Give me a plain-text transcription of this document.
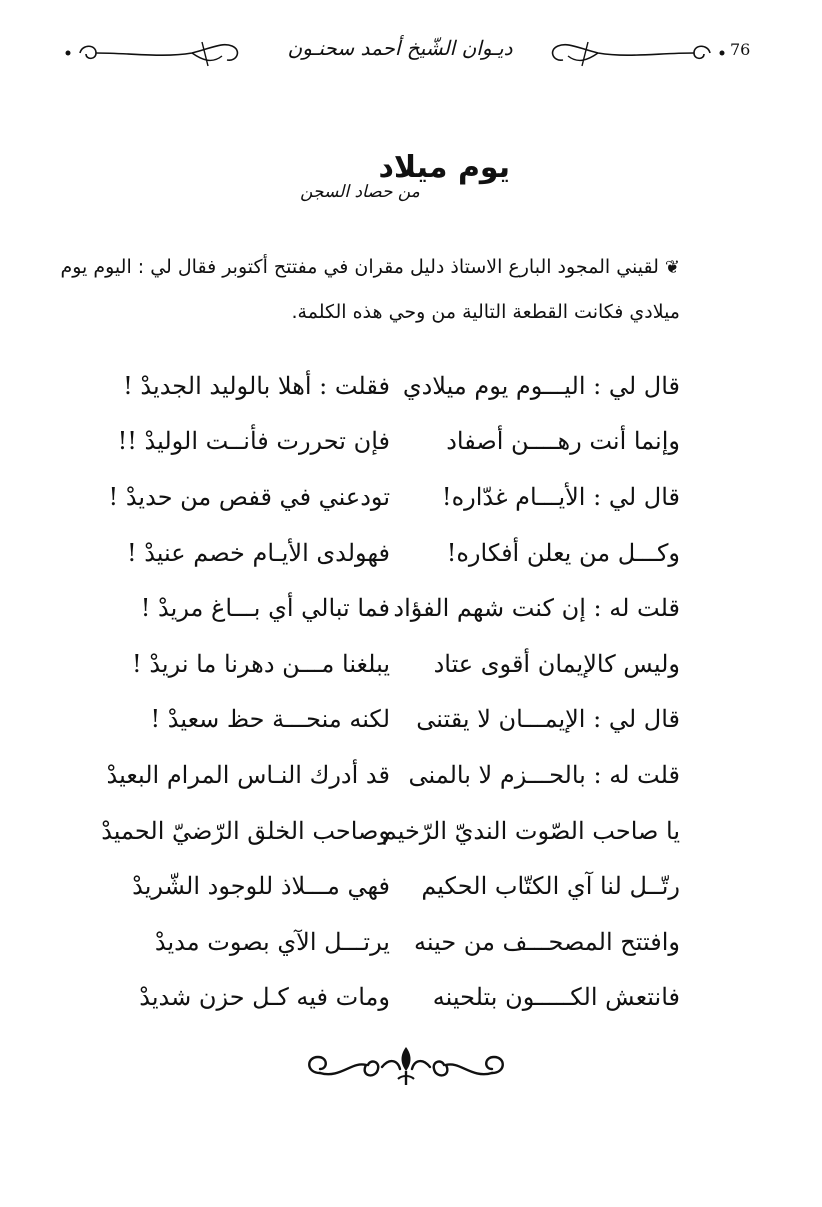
76
ديـوان الشّيخ أحمد سحنـون
يوم ميلاد
من حصاد السجن
❦لقيني المجود البارع الاستاذ دليل مقران في مفتتح أكتوبر فقال لي : اليوم يوم ميلادي فكانت القطعة التالية من وحي هذه الكلمة.
قال لي : اليـــوم يوم ميلادي
فقلت : أهلا بالوليد الجديدْ !
وإنما أنت رهــــن أصفاد
فإن تحررت فأنــت الوليدْ !!
قال لي : الأيـــام غدّاره!
تودعني في قفص من حديدْ !
وكـــل من يعلن أفكاره!
فهولدى الأيـام خصم عنيدْ !
قلت له : إن كنت شهم الفؤاد
فما تبالي أي بـــاغ مريدْ !
وليس كالإيمان أقوى عتاد
يبلغنا مـــن دهرنا ما نريدْ !
قال لي : الإيمـــان لا يقتنى
لكنه منحـــة حظ سعيدْ !
قلت له : بالحـــزم لا بالمنى
قد أدرك النـاس المرام البعيدْ
يا صاحب الصّوت النديّ الرّخيم
وصاحب الخلق الرّضيّ الحميدْ
رتّــل لنا آي الكتّاب الحكيم
فهي مـــلاذ للوجود الشّريدْ
وافتتح المصحـــف من حينه
يرتـــل الآي بصوت مديدْ
فانتعش الكـــــون بتلحينه
ومات فيه كـل حزن شديدْ
